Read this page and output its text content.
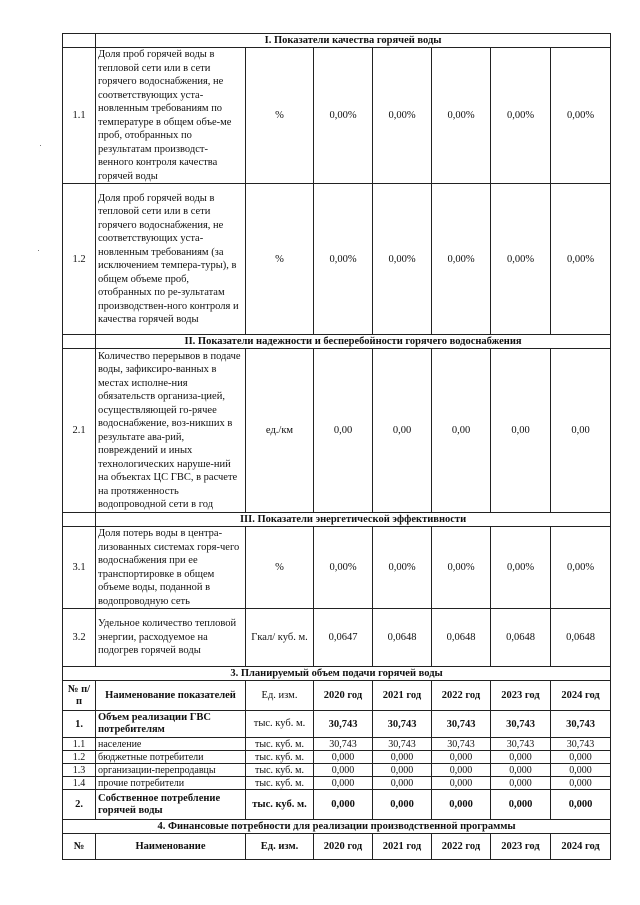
	I. Показатели качества горячей воды						
1.1	Доля проб горячей воды в тепловой сети или в сети горячего водоснабжения, не соответствующих уста-новленным требованиям по температуре в общем объе-ме проб, отобранных по результатам производст-венного контроля качества горячей воды	%	0,00%	0,00%	0,00%	0,00%	0,00%
1.2	Доля проб горячей воды в тепловой сети или в сети горячего водоснабжения, не соответствующих уста-новленным требованиям (за исключением темпера-туры), в общем объеме проб, отобранных по ре-зультатам производствен-ного контроля и качества горячей воды	%	0,00%	0,00%	0,00%	0,00%	0,00%
	II. Показатели надежности и бесперебойности горячего водоснабжения						
2.1	Количество перерывов в подаче воды, зафиксиро-ванных в местах исполне-ния обязательств организа-цией, осуществляющей го-рячее водоснабжение, воз-никших в результате ава-рий, повреждений и иных технологических наруше-ний на объектах ЦС ГВС, в расчете на протяженность водопроводной сети в год	ед./км	0,00	0,00	0,00	0,00	0,00
	III. Показатели энергетической эффективности						
3.1	Доля потерь воды в центра-лизованных системах горя-чего водоснабжения при ее транспортировке в общем объеме воды, поданной в водопроводную сеть	%	0,00%	0,00%	0,00%	0,00%	0,00%
3.2	Удельное количество тепловой энергии, расходуемое на подогрев горячей воды	Гкал/ куб. м.	0,0647	0,0648	0,0648	0,0648	0,0648
3. Планируемый объем подачи горячей воды							
№ п/п	Наименование показателей	Ед. изм.	2020 год	2021 год	2022 год	2023 год	2024 год
1.	Объем реализации ГВС потребителям	тыс. куб. м.	30,743	30,743	30,743	30,743	30,743
1.1	население	тыс. куб. м.	30,743	30,743	30,743	30,743	30,743
1.2	бюджетные потребители	тыс. куб. м.	0,000	0,000	0,000	0,000	0,000
1.3	организации-перепродавцы	тыс. куб. м.	0,000	0,000	0,000	0,000	0,000
1.4	прочие потребители	тыс. куб. м.	0,000	0,000	0,000	0,000	0,000
2.	Собственное потребление горячей воды	тыс. куб. м.	0,000	0,000	0,000	0,000	0,000
4. Финансовые потребности для реализации производственной программы							
№	Наименование	Ед. изм.	2020 год	2021 год	2022 год	2023 год	2024 год
